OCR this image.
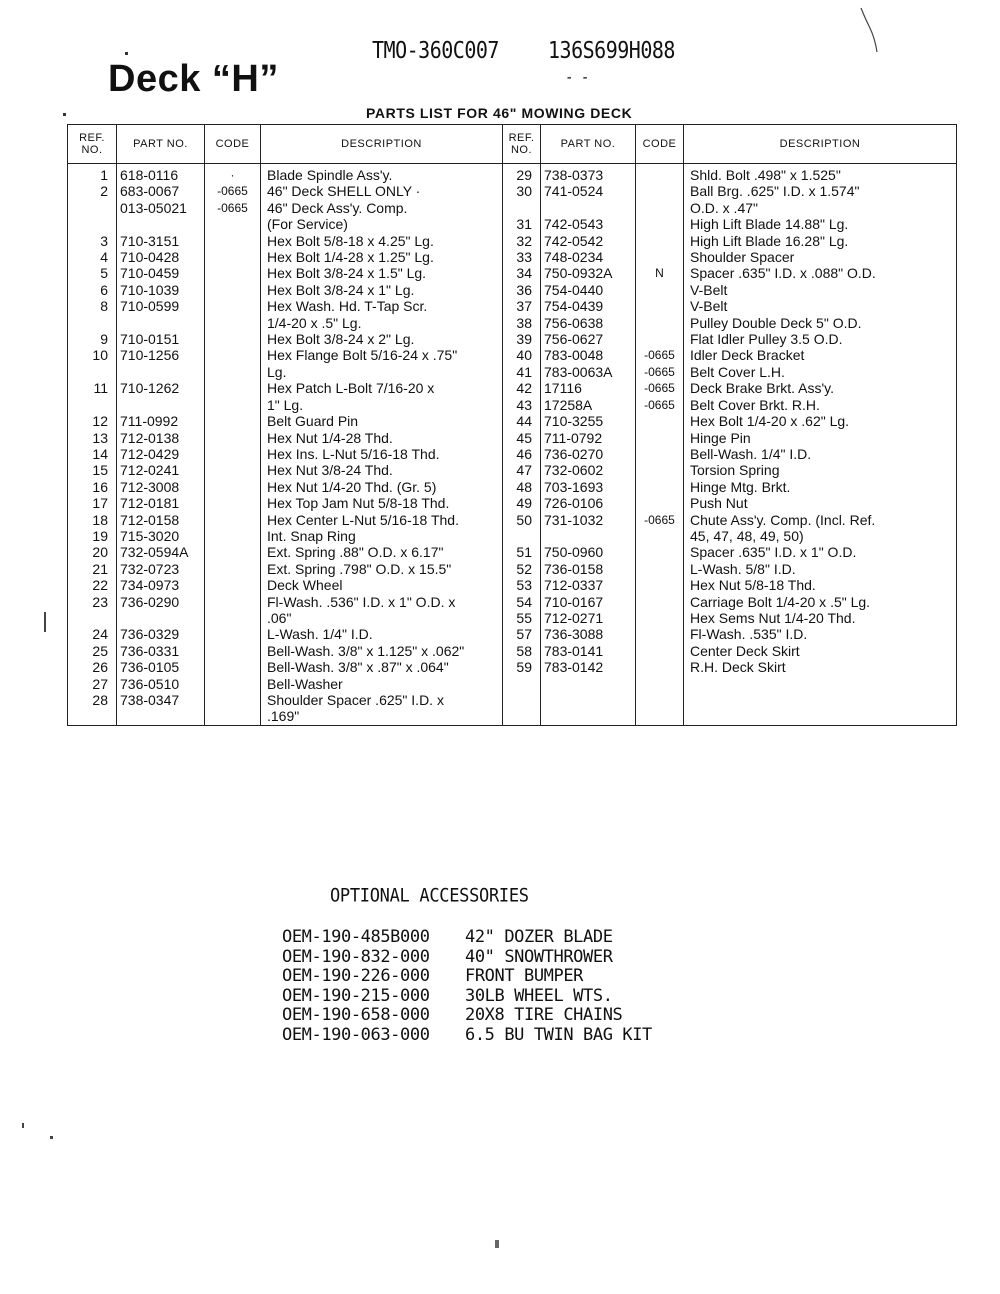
Deck “H”
TMO-360C007 136S699H088
- -
PARTS LIST FOR 46" MOWING DECK
REF. NO.	PART NO.	CODE	DESCRIPTION	REF. NO.	PART NO.	CODE	DESCRIPTION
1	618-0116	·	Blade Spindle Ass'y.	29	738-0373		Shld. Bolt .498" x 1.525"
2	683-0067	-0665	46" Deck SHELL ONLY ·	30	741-0524		Ball Brg. .625" I.D. x 1.574"
	013-05021	-0665	46" Deck Ass'y. Comp.				O.D. x .47"
			(For Service)	31	742-0543		High Lift Blade 14.88" Lg.
3	710-3151		Hex Bolt 5/8-18 x 4.25" Lg.	32	742-0542		High Lift Blade 16.28" Lg.
4	710-0428		Hex Bolt 1/4-28 x 1.25" Lg.	33	748-0234		Shoulder Spacer
5	710-0459		Hex Bolt 3/8-24 x 1.5" Lg.	34	750-0932A	N	Spacer .635" I.D. x .088" O.D.
6	710-1039		Hex Bolt 3/8-24 x 1" Lg.	36	754-0440		V-Belt
8	710-0599		Hex Wash. Hd. T-Tap Scr.	37	754-0439		V-Belt
			1/4-20 x .5" Lg.	38	756-0638		Pulley Double Deck 5" O.D.
9	710-0151		Hex Bolt 3/8-24 x 2" Lg.	39	756-0627		Flat Idler Pulley 3.5 O.D.
10	710-1256		Hex Flange Bolt 5/16-24 x .75"	40	783-0048	-0665	Idler Deck Bracket
			Lg.	41	783-0063A	-0665	Belt Cover L.H.
11	710-1262		Hex Patch L-Bolt 7/16-20 x	42	17116	-0665	Deck Brake Brkt. Ass'y.
			1" Lg.	43	17258A	-0665	Belt Cover Brkt. R.H.
12	711-0992		Belt Guard Pin	44	710-3255		Hex Bolt 1/4-20 x .62" Lg.
13	712-0138		Hex Nut 1/4-28 Thd.	45	711-0792		Hinge Pin
14	712-0429		Hex Ins. L-Nut 5/16-18 Thd.	46	736-0270		Bell-Wash. 1/4" I.D.
15	712-0241		Hex Nut 3/8-24 Thd.	47	732-0602		Torsion Spring
16	712-3008		Hex Nut 1/4-20 Thd. (Gr. 5)	48	703-1693		Hinge Mtg. Brkt.
17	712-0181		Hex Top Jam Nut 5/8-18 Thd.	49	726-0106		Push Nut
18	712-0158		Hex Center L-Nut 5/16-18 Thd.	50	731-1032	-0665	Chute Ass'y. Comp. (Incl. Ref.
19	715-3020		Int. Snap Ring				45, 47, 48, 49, 50)
20	732-0594A		Ext. Spring .88" O.D. x 6.17"	51	750-0960		Spacer .635" I.D. x 1" O.D.
21	732-0723		Ext. Spring .798" O.D. x 15.5"	52	736-0158		L-Wash. 5/8" I.D.
22	734-0973		Deck Wheel	53	712-0337		Hex Nut 5/8-18 Thd.
23	736-0290		Fl-Wash. .536" I.D. x 1" O.D. x	54	710-0167		Carriage Bolt 1/4-20 x .5" Lg.
			.06"	55	712-0271		Hex Sems Nut 1/4-20 Thd.
24	736-0329		L-Wash. 1/4" I.D.	57	736-3088		Fl-Wash. .535" I.D.
25	736-0331		Bell-Wash. 3/8" x 1.125" x .062"	58	783-0141		Center Deck Skirt
26	736-0105		Bell-Wash. 3/8" x .87" x .064"	59	783-0142		R.H. Deck Skirt
27	736-0510		Bell-Washer				
28	738-0347		Shoulder Spacer .625" I.D. x				
			.169"				
OPTIONAL ACCESSORIES
OEM-190-485B000	42" DOZER BLADE
OEM-190-832-000	40" SNOWTHROWER
OEM-190-226-000	FRONT BUMPER
OEM-190-215-000	30LB WHEEL WTS.
OEM-190-658-000	20X8 TIRE CHAINS
OEM-190-063-000	6.5 BU TWIN BAG KIT
